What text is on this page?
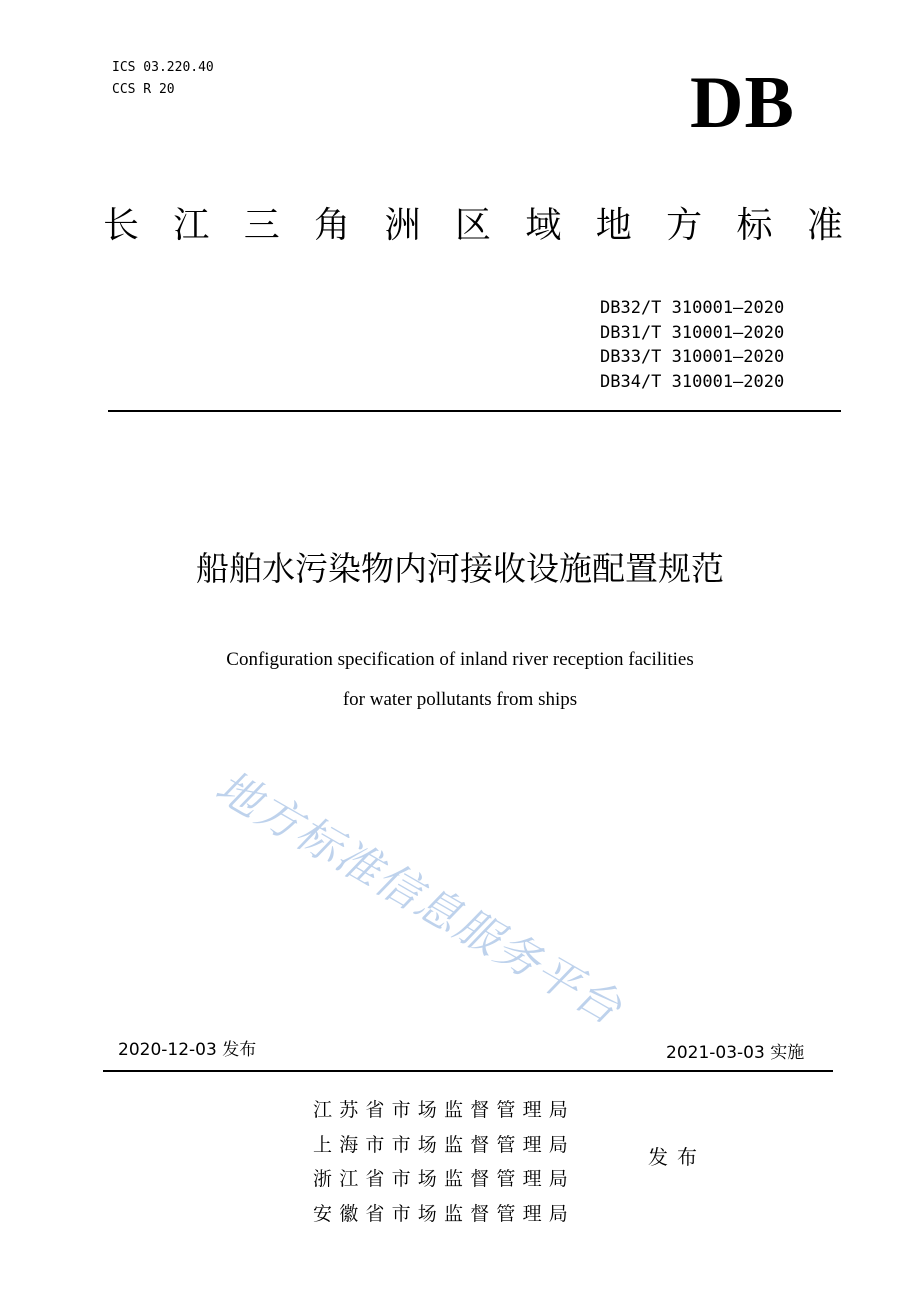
ICS 03.220.40
CCS R 20	DB
长 江 三 角 洲 区 域 地 方 标 准
DB32/T 310001—2020
DB31/T 310001—2020
DB33/T 310001—2020
DB34/T 310001—2020
船舶水污染物内河接收设施配置规范
Configuration specification of inland river reception facilities
for water pollutants from ships
地方标准信息服务平台
2020-12-03 发布	2021-03-03 实施
江苏省市场监督管理局
上海市市场监督管理局
浙江省市场监督管理局
安徽省市场监督管理局
发布
